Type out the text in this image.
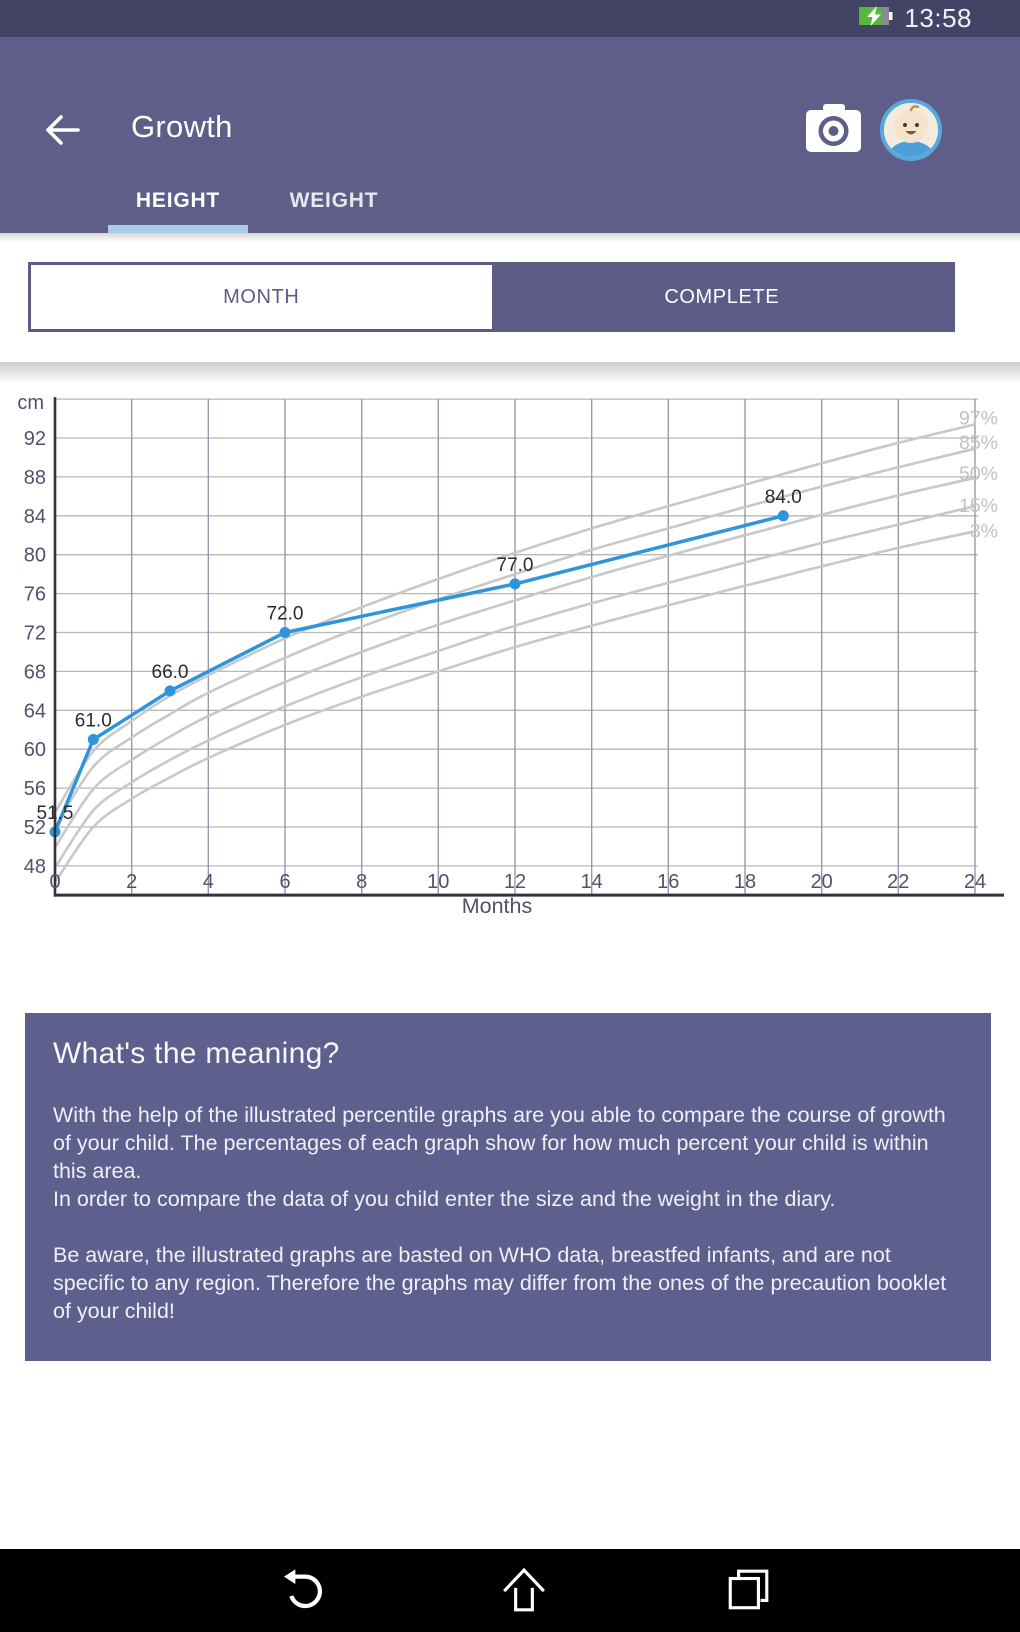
13:58
Growth
HEIGHT	WEIGHT
MONTH	COMPLETE
97%
85%
50%
15%
3%
51.5
61.0
66.0
72.0
77.0
84.0
48
52
56
60
64
68
72
76
80
84
88
92
0	2	4	6	8	10	12	14	16	18	20	22	24
cm
Months
What's the meaning?

With the help of the illustrated percentile graphs are you able to compare the course of growth of your child. The percentages of each graph show for how much percent your child is within this area.

In order to compare the data of you child enter the size and the weight in the diary.

Be aware, the illustrated graphs are basted on WHO data, breastfed infants, and are not specific to any region. Therefore the graphs may differ from the ones of the precaution booklet of your child!
